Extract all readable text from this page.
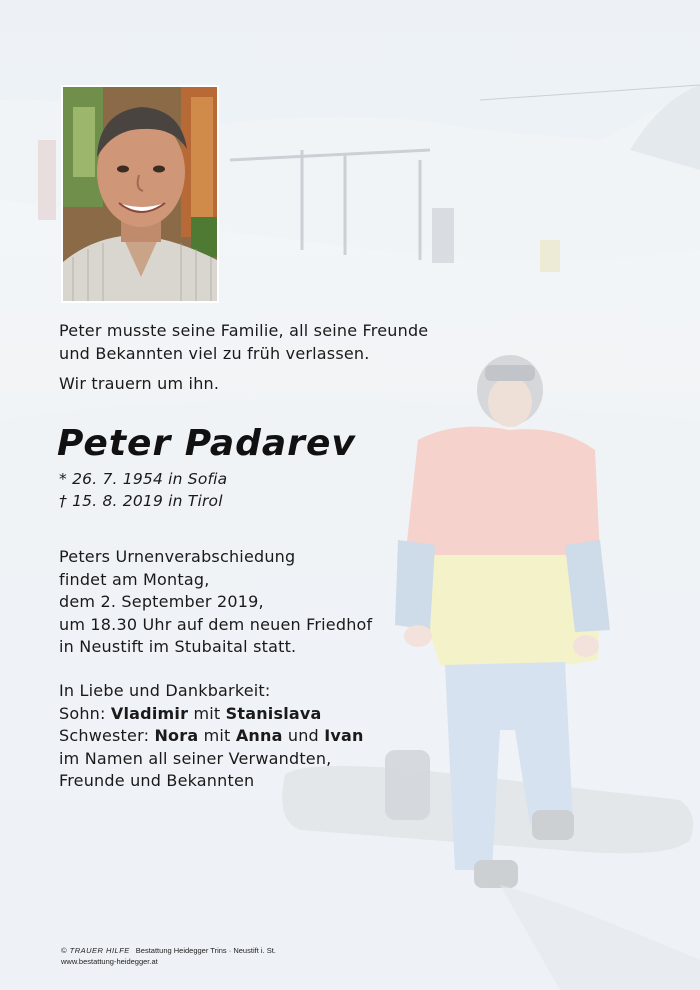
Peter musste seine Familie, all seine Freunde
und Bekannten viel zu früh verlassen.
Wir trauern um ihn.
Peter Padarev
* 26. 7. 1954 in Sofia
† 15. 8. 2019 in Tirol
Peters Urnenverabschiedung
findet am Montag,
dem 2. September 2019,
um 18.30 Uhr auf dem neuen Friedhof
in Neustift im Stubaital statt.
In Liebe und Dankbarkeit:
Sohn: Vladimir mit Stanislava
Schwester: Nora mit Anna und Ivan
im Namen all seiner Verwandten,
Freunde und Bekannten
© TRAUER HILFE Bestattung Heidegger Trins · Neustift i. St.
www.bestattung-heidegger.at
